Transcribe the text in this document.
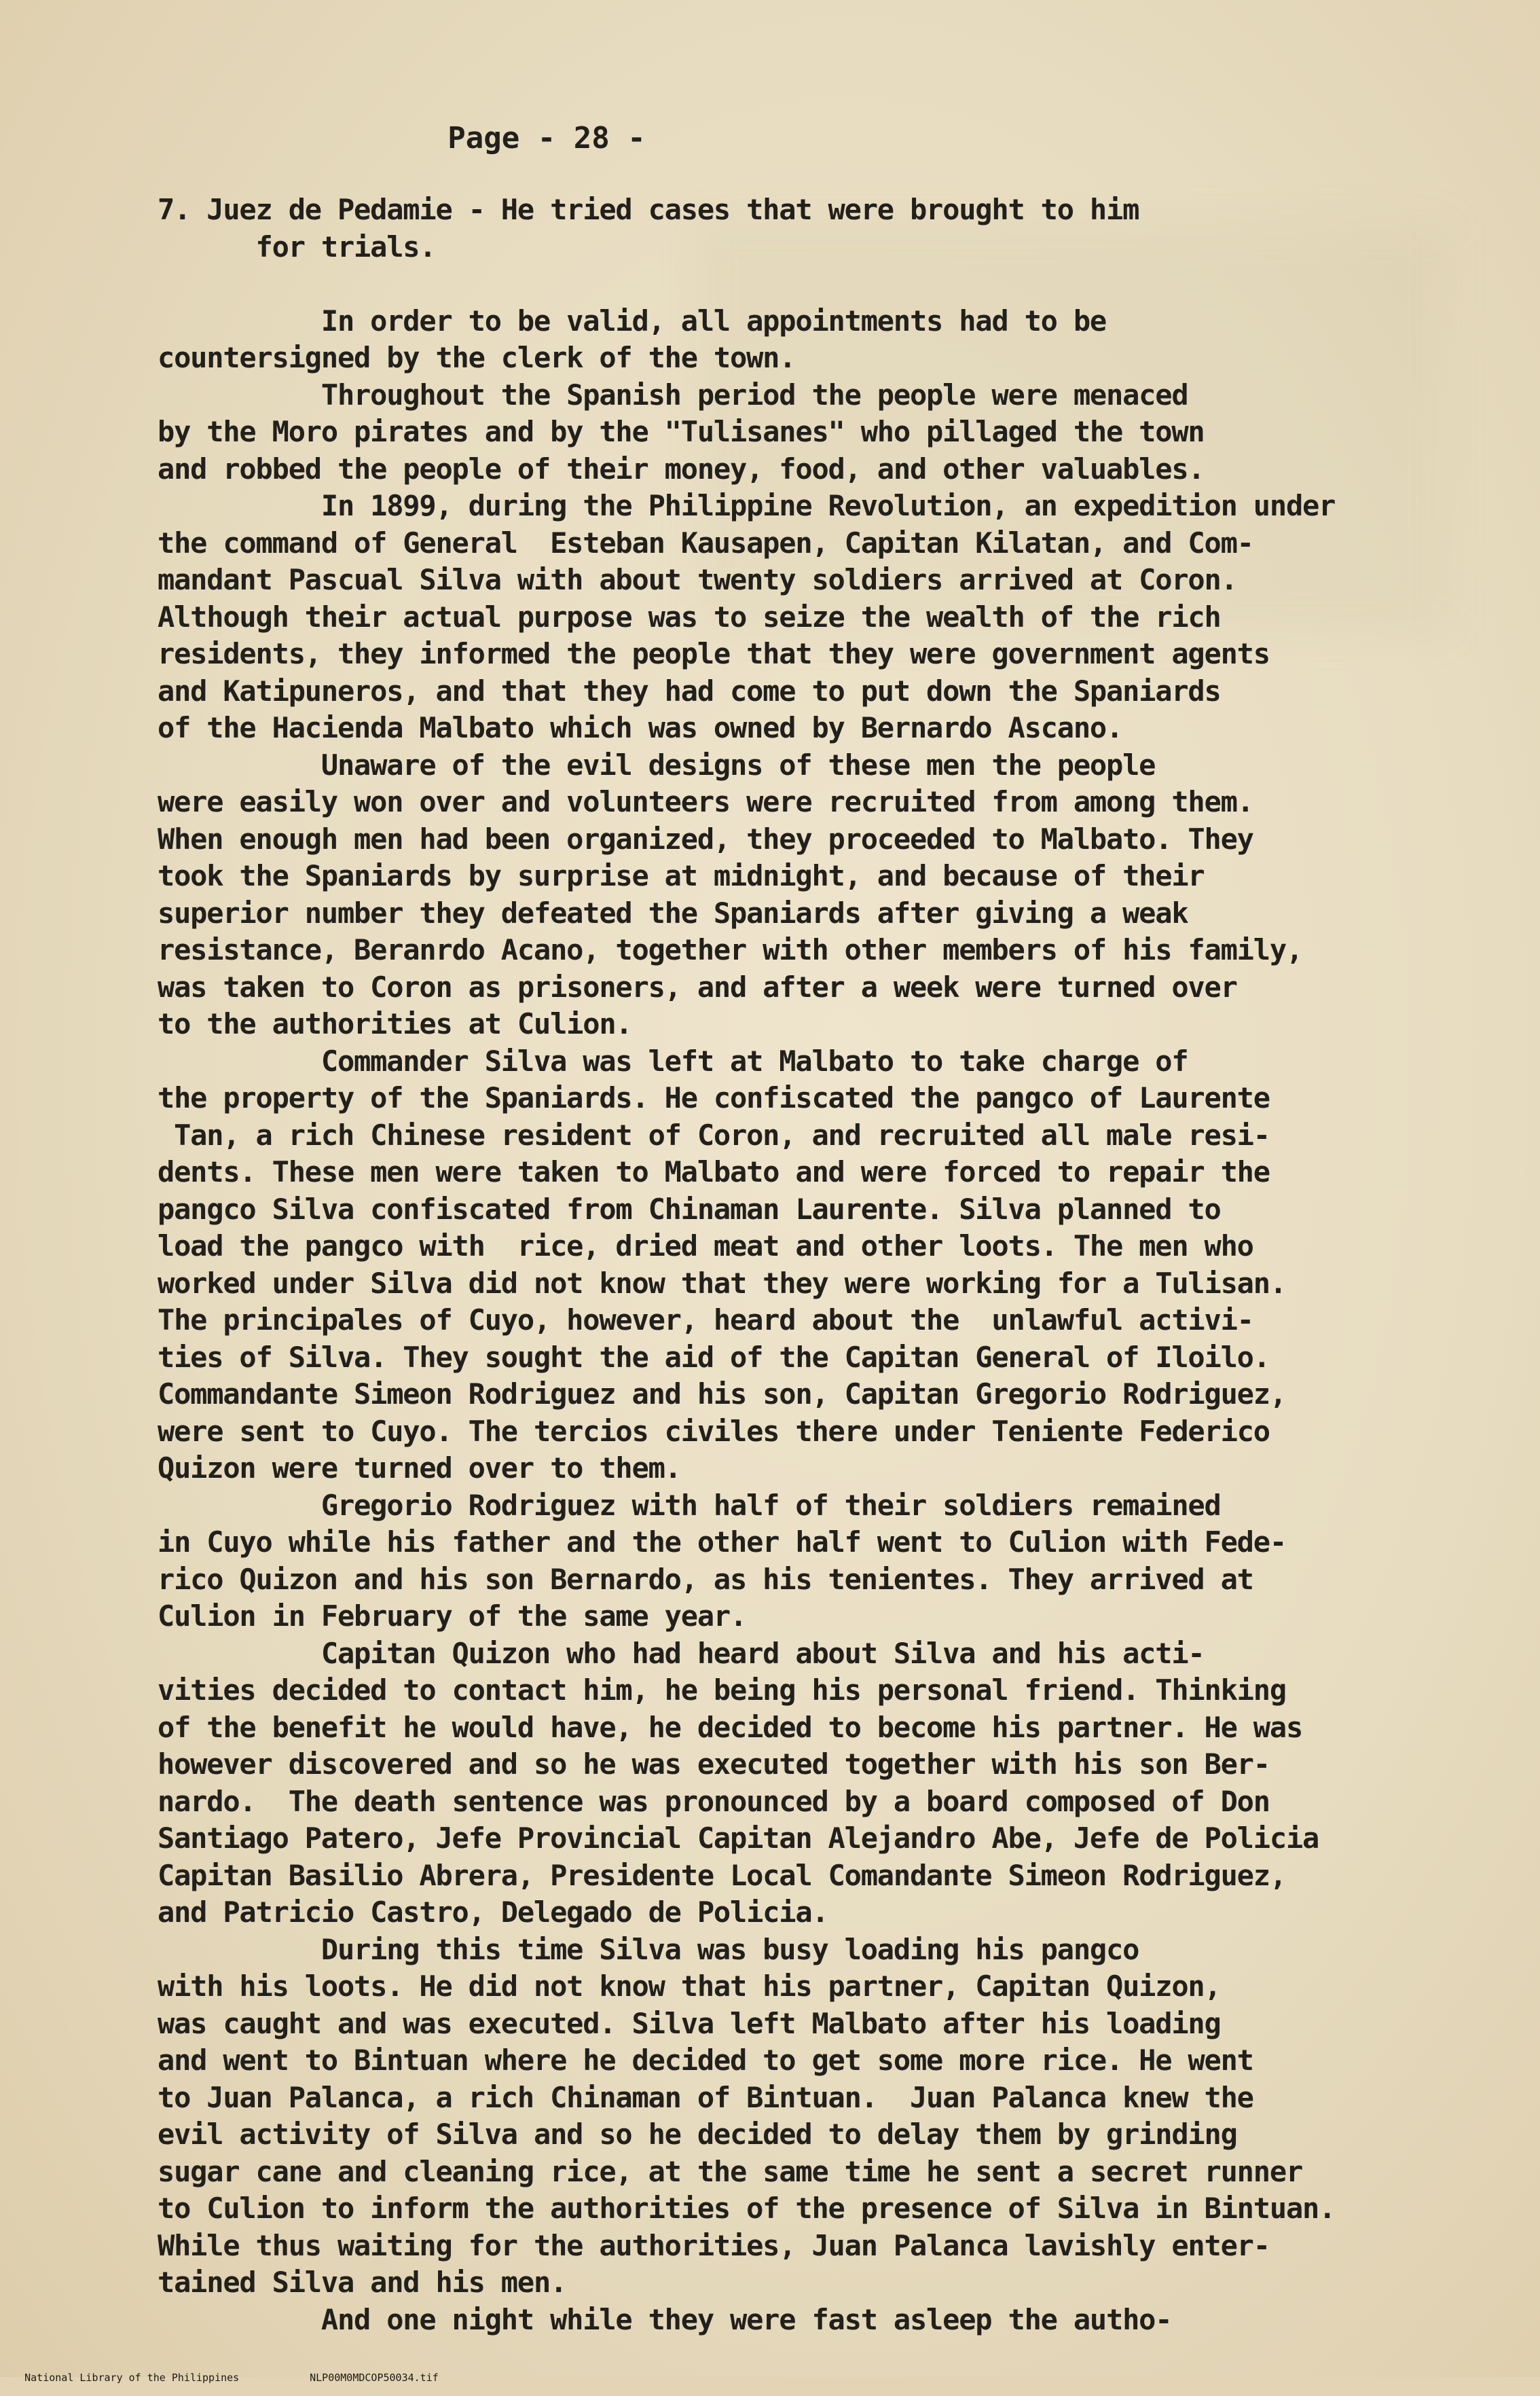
Page - 28 -
7. Juez de Pedamie - He tried cases that were brought to him
for trials.
In order to be valid, all appointments had to be
countersigned by the clerk of the town.
Throughout the Spanish period the people were menaced
by the Moro pirates and by the "Tulisanes" who pillaged the town
and robbed the people of their money, food, and other valuables.
In 1899, during the Philippine Revolution, an expedition under
the command of General  Esteban Kausapen, Capitan Kilatan, and Com-
mandant Pascual Silva with about twenty soldiers arrived at Coron.
Although their actual purpose was to seize the wealth of the rich
residents, they informed the people that they were government agents
and Katipuneros, and that they had come to put down the Spaniards
of the Hacienda Malbato which was owned by Bernardo Ascano.
Unaware of the evil designs of these men the people
were easily won over and volunteers were recruited from among them.
When enough men had been organized, they proceeded to Malbato. They
took the Spaniards by surprise at midnight, and because of their
superior number they defeated the Spaniards after giving a weak
resistance, Beranrdo Acano, together with other members of his family,
was taken to Coron as prisoners, and after a week were turned over
to the authorities at Culion.
Commander Silva was left at Malbato to take charge of
the property of the Spaniards. He confiscated the pangco of Laurente
Tan, a rich Chinese resident of Coron, and recruited all male resi-
dents. These men were taken to Malbato and were forced to repair the
pangco Silva confiscated from Chinaman Laurente. Silva planned to
load the pangco with  rice, dried meat and other loots. The men who
worked under Silva did not know that they were working for a Tulisan.
The principales of Cuyo, however, heard about the  unlawful activi-
ties of Silva. They sought the aid of the Capitan General of Iloilo.
Commandante Simeon Rodriguez and his son, Capitan Gregorio Rodriguez,
were sent to Cuyo. The tercios civiles there under Teniente Federico
Quizon were turned over to them.
Gregorio Rodriguez with half of their soldiers remained
in Cuyo while his father and the other half went to Culion with Fede-
rico Quizon and his son Bernardo, as his tenientes. They arrived at
Culion in February of the same year.
Capitan Quizon who had heard about Silva and his acti-
vities decided to contact him, he being his personal friend. Thinking
of the benefit he would have, he decided to become his partner. He was
however discovered and so he was executed together with his son Ber-
nardo.  The death sentence was pronounced by a board composed of Don
Santiago Patero, Jefe Provincial Capitan Alejandro Abe, Jefe de Policia
Capitan Basilio Abrera, Presidente Local Comandante Simeon Rodriguez,
and Patricio Castro, Delegado de Policia.
During this time Silva was busy loading his pangco
with his loots. He did not know that his partner, Capitan Quizon,
was caught and was executed. Silva left Malbato after his loading
and went to Bintuan where he decided to get some more rice. He went
to Juan Palanca, a rich Chinaman of Bintuan.  Juan Palanca knew the
evil activity of Silva and so he decided to delay them by grinding
sugar cane and cleaning rice, at the same time he sent a secret runner
to Culion to inform the authorities of the presence of Silva in Bintuan.
While thus waiting for the authorities, Juan Palanca lavishly enter-
tained Silva and his men.
And one night while they were fast asleep the autho-

National Library of the Philippines	NLP00M0MDCOP50034.tif
